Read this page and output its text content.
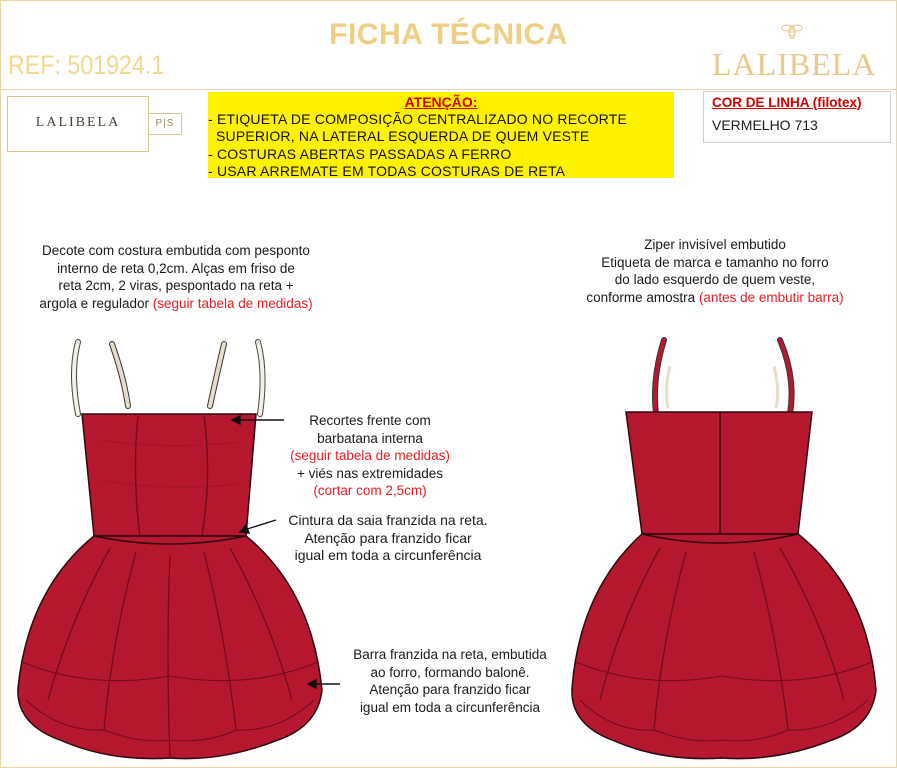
FICHA TÉCNICA
REF: 501924.1	LALIBELA
LALIBELA	P|S
ATENÇÃO:
- ETIQUETA DE COMPOSIÇÃO CENTRALIZADO NO RECORTE
SUPERIOR, NA LATERAL ESQUERDA DE QUEM VESTE
- COSTURAS ABERTAS PASSADAS A FERRO
- USAR ARREMATE EM TODAS COSTURAS DE RETA
COR DE LINHA (filotex)
VERMELHO 713
Decote com costura embutida com pesponto
interno de reta 0,2cm. Alças em friso de
reta 2cm, 2 viras, pespontado na reta +
argola e regulador (seguir tabela de medidas)
Ziper invisível embutido
Etiqueta de marca e tamanho no forro
do lado esquerdo de quem veste,
conforme amostra (antes de embutir barra)
Recortes frente com
barbatana interna
(seguir tabela de medidas)
+ viés nas extremidades
(cortar com 2,5cm)
Cintura da saia franzida na reta.
Atenção para franzido ficar
igual em toda a circunferência
Barra franzida na reta, embutida
ao forro, formando balonê.
Atenção para franzido ficar
igual em toda a circunferência
